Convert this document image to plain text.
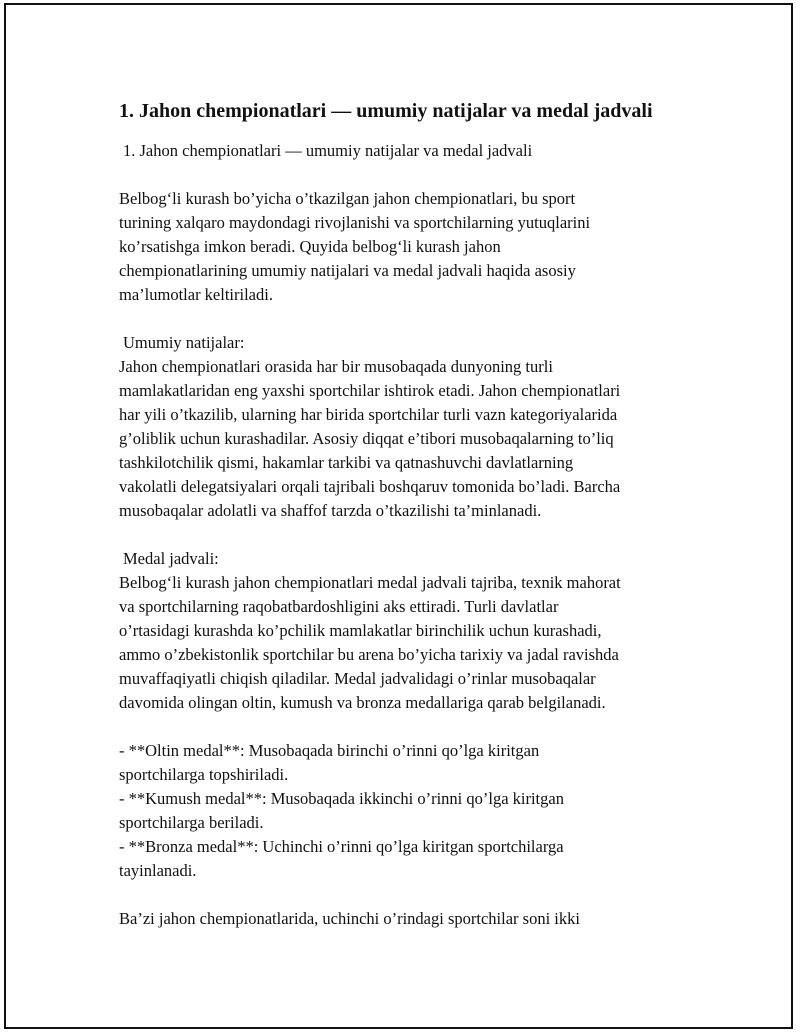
1. Jahon chempionatlari — umumiy natijalar va medal jadvali

1. Jahon chempionatlari — umumiy natijalar va medal jadvali

Belbog‘li kurash bo’yicha o’tkazilgan jahon chempionatlari, bu sport
turining xalqaro maydondagi rivojlanishi va sportchilarning yutuqlarini
ko’rsatishga imkon beradi. Quyida belbog‘li kurash jahon
chempionatlarining umumiy natijalari va medal jadvali haqida asosiy
ma’lumotlar keltiriladi.

Umumiy natijalar:

Jahon chempionatlari orasida har bir musobaqada dunyoning turli
mamlakatlaridan eng yaxshi sportchilar ishtirok etadi. Jahon chempionatlari
har yili o’tkazilib, ularning har birida sportchilar turli vazn kategoriyalarida
g’oliblik uchun kurashadilar. Asosiy diqqat e’tibori musobaqalarning to’liq
tashkilotchilik qismi, hakamlar tarkibi va qatnashuvchi davlatlarning
vakolatli delegatsiyalari orqali tajribali boshqaruv tomonida bo’ladi. Barcha
musobaqalar adolatli va shaffof tarzda o’tkazilishi ta’minlanadi.

Medal jadvali:

Belbog‘li kurash jahon chempionatlari medal jadvali tajriba, texnik mahorat
va sportchilarning raqobatbardoshligini aks ettiradi. Turli davlatlar
o’rtasidagi kurashda ko’pchilik mamlakatlar birinchilik uchun kurashadi,
ammo o’zbekistonlik sportchilar bu arena bo’yicha tarixiy va jadal ravishda
muvaffaqiyatli chiqish qiladilar. Medal jadvalidagi o’rinlar musobaqalar
davomida olingan oltin, kumush va bronza medallariga qarab belgilanadi.

- **Oltin medal**: Musobaqada birinchi o’rinni qo’lga kiritgan
sportchilarga topshiriladi.

- **Kumush medal**: Musobaqada ikkinchi o’rinni qo’lga kiritgan
sportchilarga beriladi.

- **Bronza medal**: Uchinchi o’rinni qo’lga kiritgan sportchilarga
tayinlanadi.

Ba’zi jahon chempionatlarida, uchinchi o’rindagi sportchilar soni ikki
